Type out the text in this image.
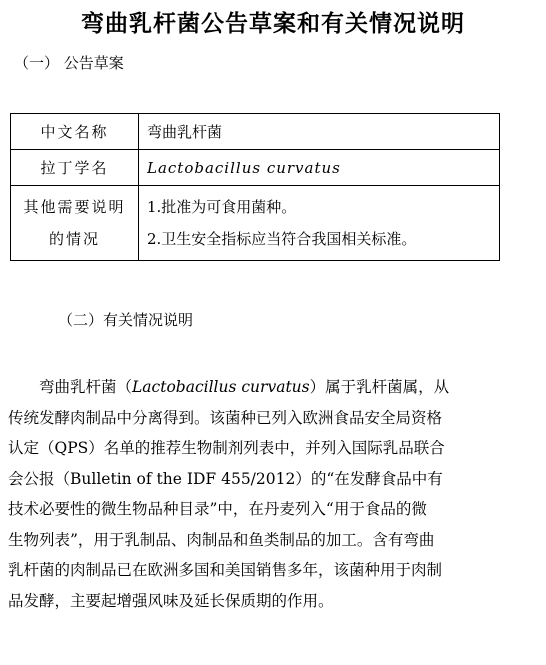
弯曲乳杆菌公告草案和有关情况说明
（一） 公告草案
中文名称	弯曲乳杆菌
拉丁学名	Lactobacillus curvatus

其他需要说明
的情况	1.批准为可食用菌种。
2.卫生安全指标应当符合我国相关标准。
（二）有关情况说明

  弯曲乳杆菌（Lactobacillus curvatus）属于乳杆菌属，从

传统发酵肉制品中分离得到。该菌种已列入欧洲食品安全局资格

认定（QPS）名单的推荐生物制剂列表中，并列入国际乳品联合

会公报（Bulletin of the IDF 455/2012）的“在发酵食品中有

技术必要性的微生物品种目录”中，在丹麦列入“用于食品的微

生物列表”，用于乳制品、肉制品和鱼类制品的加工。含有弯曲

乳杆菌的肉制品已在欧洲多国和美国销售多年，该菌种用于肉制

品发酵，主要起增强风味及延长保质期的作用。
